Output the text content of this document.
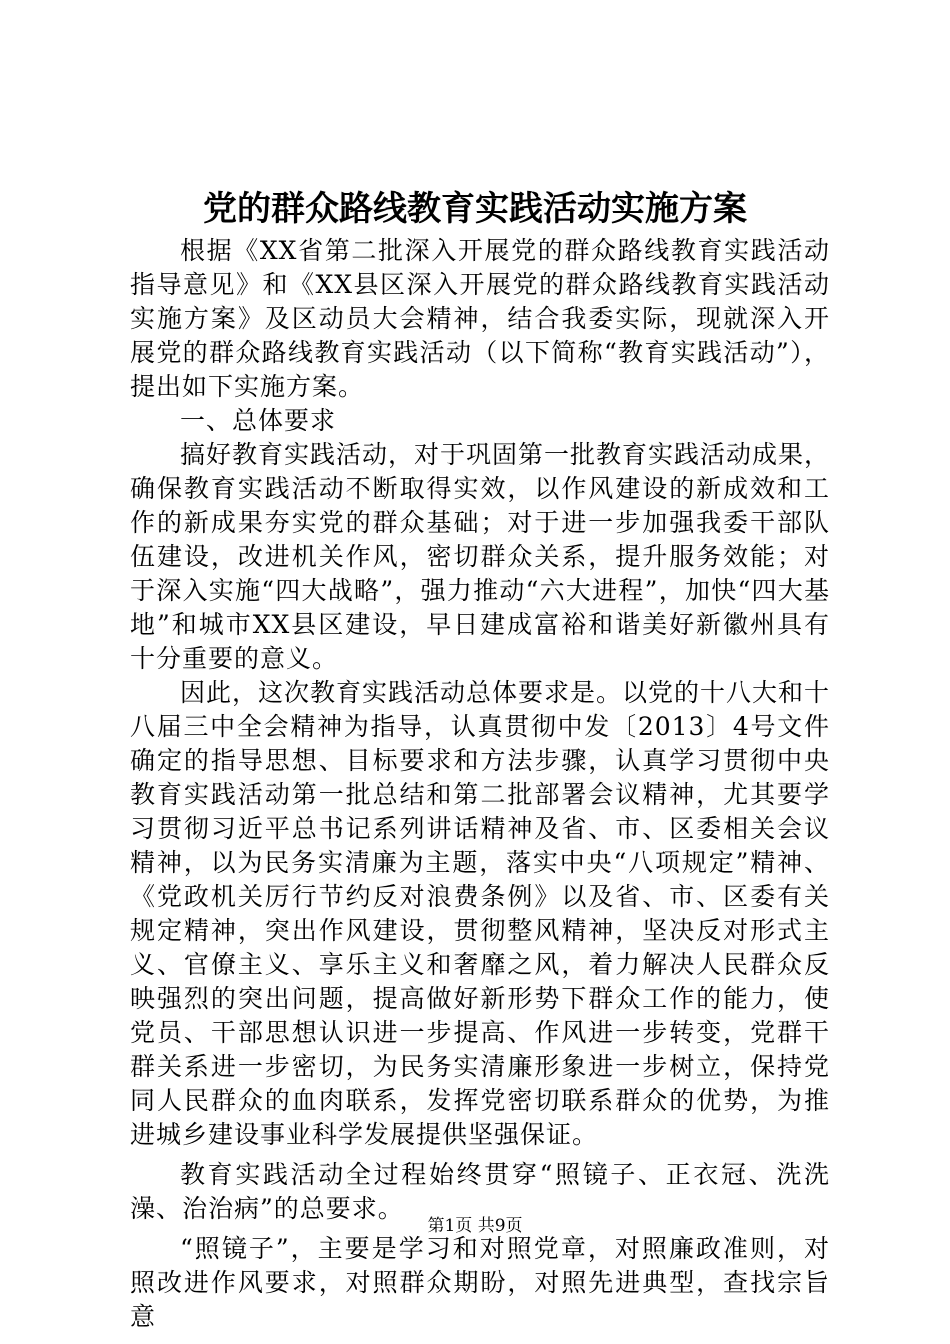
党的群众路线教育实践活动实施方案

根据《XX省第二批深入开展党的群众路线教育实践活动指导意见》和《XX县区深入开展党的群众路线教育实践活动实施方案》及区动员大会精神，结合我委实际，现就深入开展党的群众路线教育实践活动（以下简称“教育实践活动”），提出如下实施方案。

一、总体要求

搞好教育实践活动，对于巩固第一批教育实践活动成果，确保教育实践活动不断取得实效，以作风建设的新成效和工作的新成果夯实党的群众基础；对于进一步加强我委干部队伍建设，改进机关作风，密切群众关系，提升服务效能；对于深入实施“四大战略”，强力推动“六大进程”，加快“四大基地”和城市XX县区建设，早日建成富裕和谐美好新徽州具有十分重要的意义。

因此，这次教育实践活动总体要求是。以党的十八大和十八届三中全会精神为指导，认真贯彻中发〔2013〕4号文件确定的指导思想、目标要求和方法步骤，认真学习贯彻中央教育实践活动第一批总结和第二批部署会议精神，尤其要学习贯彻习近平总书记系列讲话精神及省、市、区委相关会议精神，以为民务实清廉为主题，落实中央“八项规定”精神、《党政机关厉行节约反对浪费条例》以及省、市、区委有关规定精神，突出作风建设，贯彻整风精神，坚决反对形式主义、官僚主义、享乐主义和奢靡之风，着力解决人民群众反映强烈的突出问题，提高做好新形势下群众工作的能力，使党员、干部思想认识进一步提高、作风进一步转变，党群干群关系进一步密切，为民务实清廉形象进一步树立，保持党同人民群众的血肉联系，发挥党密切联系群众的优势，为推进城乡建设事业科学发展提供坚强保证。

教育实践活动全过程始终贯穿“照镜子、正衣冠、洗洗澡、治治病”的总要求。

“照镜子”，主要是学习和对照党章，对照廉政准则，对照改进作风要求，对照群众期盼，对照先进典型，查找宗旨意

第1页 共9页
